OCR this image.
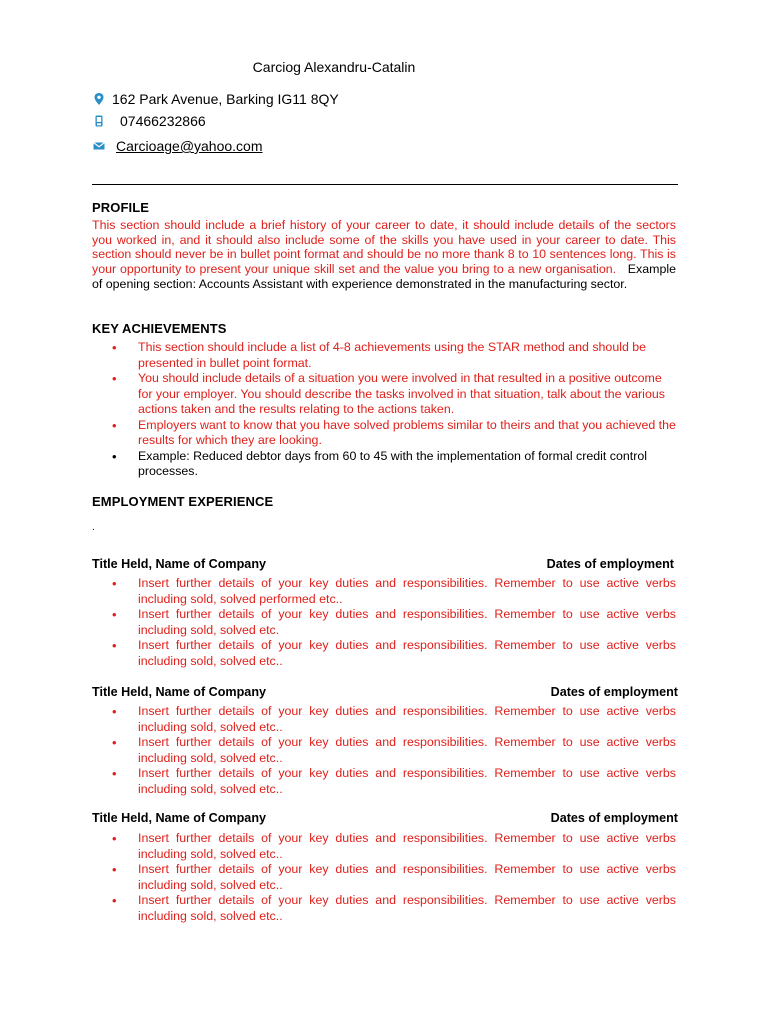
Carciog Alexandru-Catalin
162 Park Avenue, Barking IG11 8QY
07466232866
Carcioage@yahoo.com
PROFILE
This section should include a brief history of your career to date, it should include details of the sectors you worked in, and it should also include some of the skills you have used in your career to date. This section should never be in bullet point format and should be no more thank 8 to 10 sentences long. This is your opportunity to present your unique skill set and the value you bring to a new organisation.   Example of opening section: Accounts Assistant with experience demonstrated in the manufacturing sector.
KEY ACHIEVEMENTS
• This section should include a list of 4-8 achievements using the STAR method and should be presented in bullet point format.
• You should include details of a situation you were involved in that resulted in a positive outcome for your employer. You should describe the tasks involved in that situation, talk about the various actions taken and the results relating to the actions taken.
• Employers want to know that you have solved problems similar to theirs and that you achieved the results for which they are looking.
• Example: Reduced debtor days from 60 to 45 with the implementation of formal credit control processes.
EMPLOYMENT EXPERIENCE
.
Title Held, Name of Company	Dates of employment
• Insert further details of your key duties and responsibilities. Remember to use active verbs including sold, solved performed etc..
• Insert further details of your key duties and responsibilities. Remember to use active verbs including sold, solved etc.
• Insert further details of your key duties and responsibilities. Remember to use active verbs including sold, solved etc..
Title Held, Name of Company	Dates of employment
• Insert further details of your key duties and responsibilities. Remember to use active verbs including sold, solved etc..
• Insert further details of your key duties and responsibilities. Remember to use active verbs including sold, solved etc..
• Insert further details of your key duties and responsibilities. Remember to use active verbs including sold, solved etc..
Title Held, Name of Company	Dates of employment
• Insert further details of your key duties and responsibilities. Remember to use active verbs including sold, solved etc..
• Insert further details of your key duties and responsibilities. Remember to use active verbs including sold, solved etc..
• Insert further details of your key duties and responsibilities. Remember to use active verbs including sold, solved etc..
